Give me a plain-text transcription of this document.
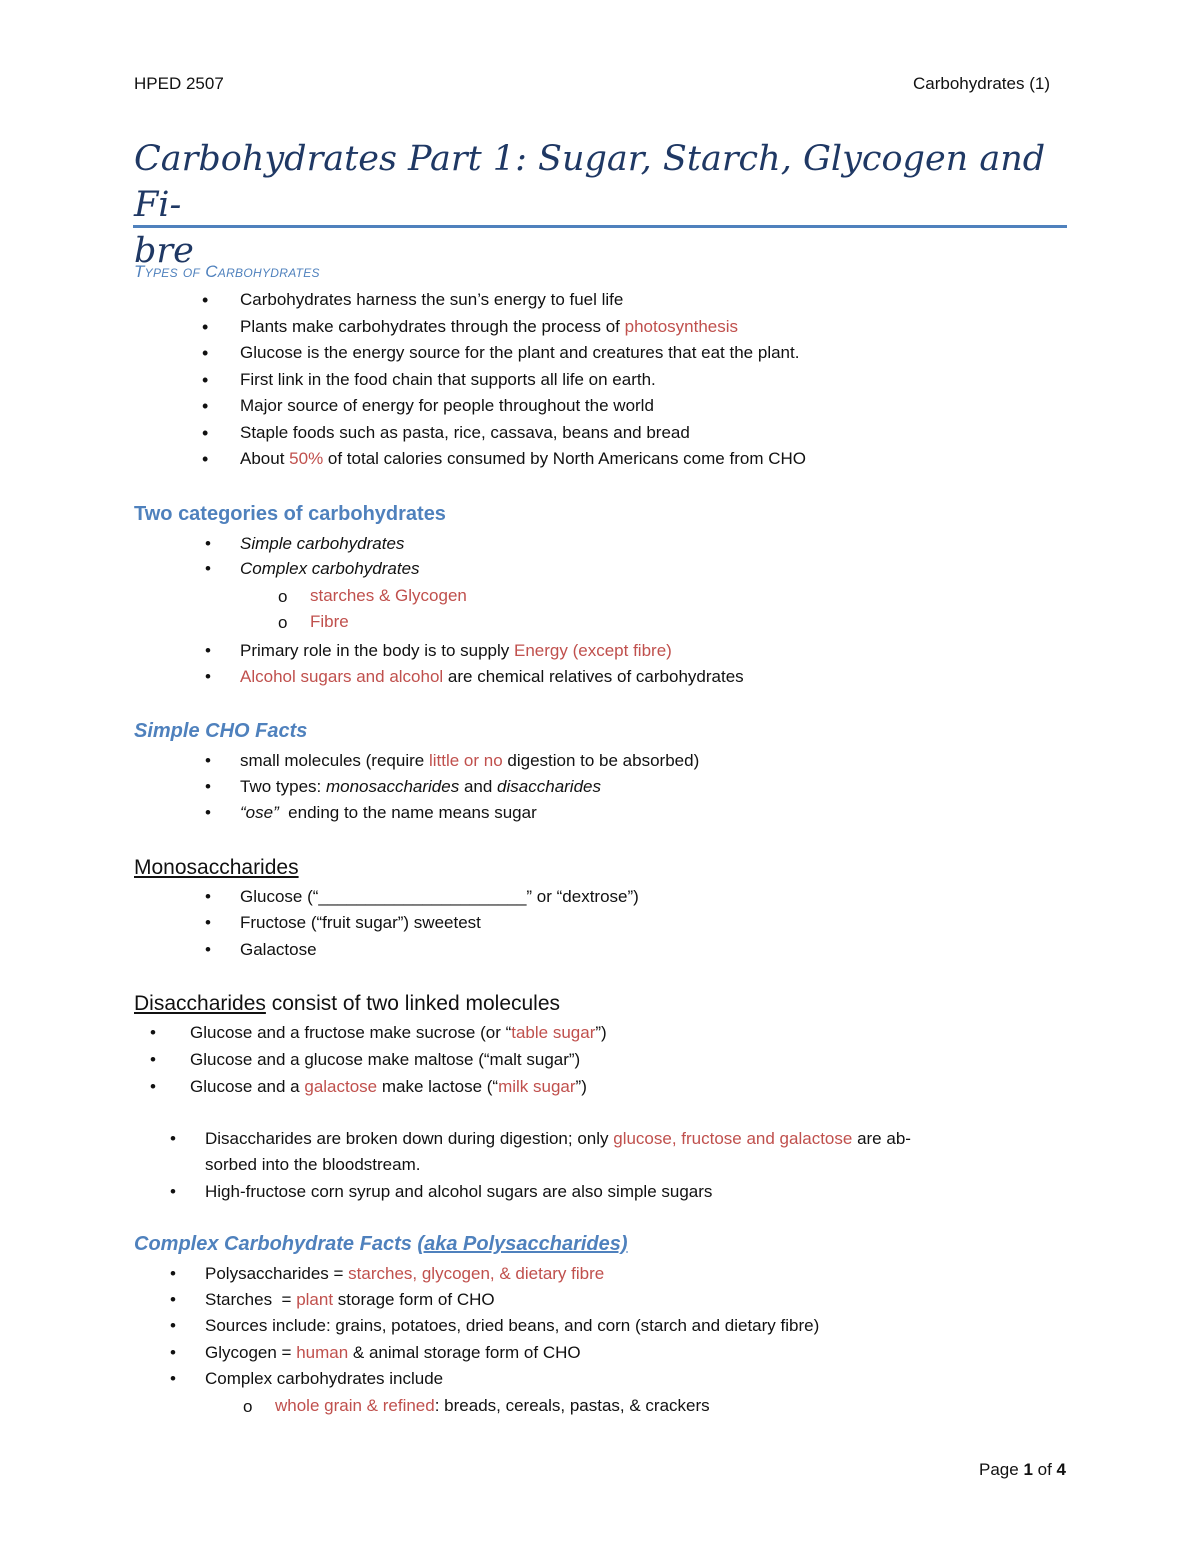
HPED 2507	Carbohydrates (1)
Carbohydrates Part 1: Sugar, Starch, Glycogen and Fi-
bre
Types of Carbohydrates
• Carbohydrates harness the sun’s energy to fuel life
• Plants make carbohydrates through the process of photosynthesis
• Glucose is the energy source for the plant and creatures that eat the plant.
• First link in the food chain that supports all life on earth.
• Major source of energy for people throughout the world
• Staple foods such as pasta, rice, cassava, beans and bread
• About 50% of total calories consumed by North Americans come from CHO
Two categories of carbohydrates
• Simple carbohydrates
• Complex carbohydrates
o starches & Glycogen
o Fibre
• Primary role in the body is to supply Energy (except fibre)
• Alcohol sugars and alcohol are chemical relatives of carbohydrates
Simple CHO Facts
• small molecules (require little or no digestion to be absorbed)
• Two types: monosaccharides and disaccharides
• “ose”  ending to the name means sugar
Monosaccharides
• Glucose (“______________________” or “dextrose”)
• Fructose (“fruit sugar”) sweetest
• Galactose
Disaccharides consist of two linked molecules
• Glucose and a fructose make sucrose (or “table sugar”)
• Glucose and a glucose make maltose (“malt sugar”)
• Glucose and a galactose make lactose (“milk sugar”)
• Disaccharides are broken down during digestion; only glucose, fructose and galactose are ab-
sorbed into the bloodstream.
• High-fructose corn syrup and alcohol sugars are also simple sugars
Complex Carbohydrate Facts (aka Polysaccharides)
• Polysaccharides = starches, glycogen, & dietary fibre
• Starches  = plant storage form of CHO
• Sources include: grains, potatoes, dried beans, and corn (starch and dietary fibre)
• Glycogen = human & animal storage form of CHO
• Complex carbohydrates include
o whole grain & refined: breads, cereals, pastas, & crackers
Page 1 of 4
